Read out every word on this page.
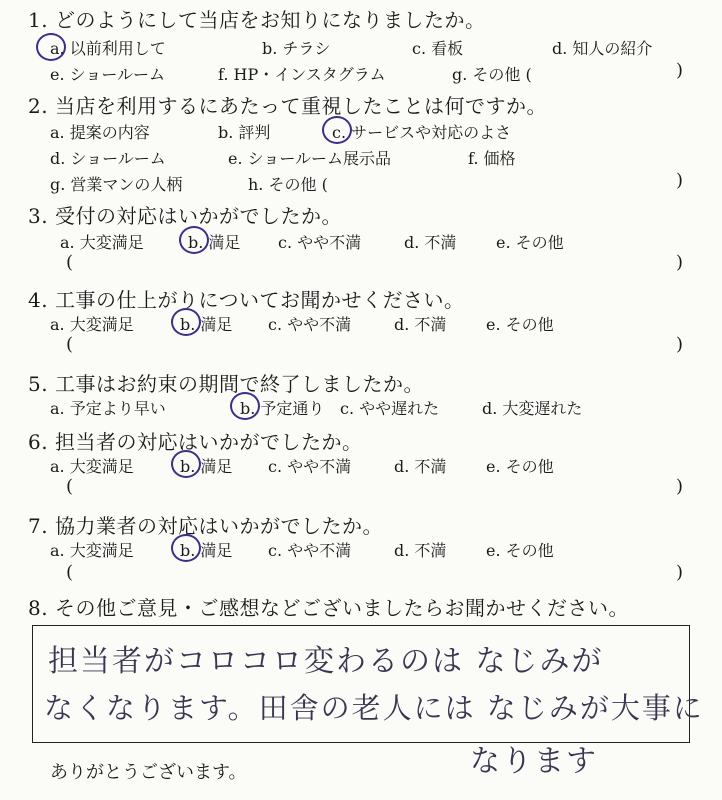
1. どのようにして当店をお知りになりましたか。
a. 以前利用して	b. チラシ	c. 看板	d. 知人の紹介
e. ショールーム	f. HP・インスタグラム	g. その他 (	)
2. 当店を利用するにあたって重視したことは何ですか。
a. 提案の内容	b. 評判	c. サービスや対応のよさ
d. ショールーム	e. ショールーム展示品	f. 価格
g. 営業マンの人柄	h. その他 (	)
3. 受付の対応はいかがでしたか。
a. 大変満足	b. 満足 c. やや不満	d. 不満 e. その他
(	)
4. 工事の仕上がりについてお聞かせください。
a. 大変満足	b. 満足 c. やや不満	d. 不満 e. その他
(	)
5. 工事はお約束の期間で終了しましたか。
a. 予定より早い	b. 予定通り c. やや遅れた	d. 大変遅れた
6. 担当者の対応はいかがでしたか。
a. 大変満足	b. 満足 c. やや不満	d. 不満 e. その他
(	)
7. 協力業者の対応はいかがでしたか。
a. 大変満足	b. 満足 c. やや不満	d. 不満 e. その他
(	)
8. その他ご意見・ご感想などございましたらお聞かせください。
担当者がコロコロ変わるのは なじみが
なくなります。田舎の老人には なじみが大事に
なります
ありがとうございます。
